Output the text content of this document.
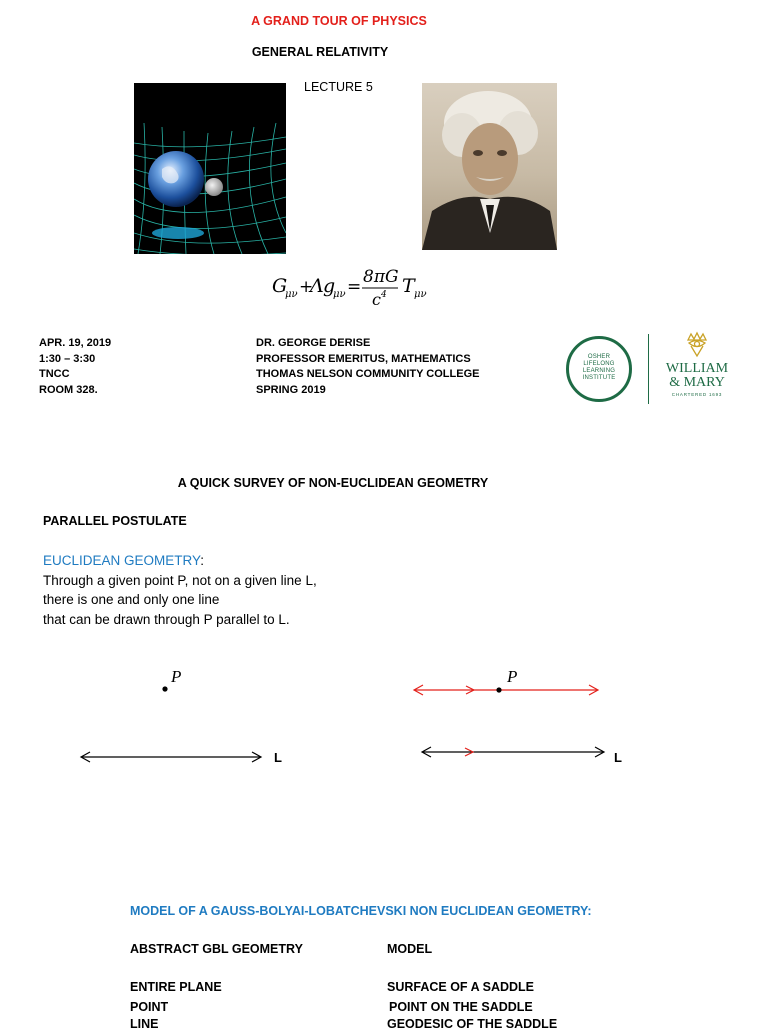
A GRAND TOUR OF PHYSICS
GENERAL RELATIVITY
LECTURE 5
G
μν +
Λ g
μν = 8πG
c 4 T μν
APR. 19, 2019
1:30 – 3:30
TNCC
ROOM 328.
DR. GEORGE DERISE
PROFESSOR EMERITUS, MATHEMATICS
THOMAS NELSON COMMUNITY COLLEGE
SPRING 2019
OSHER
LIFELONG
LEARNING
INSTITUTE
WILLIAM
& MARY
CHARTERED 1693
A QUICK SURVEY OF NON-EUCLIDEAN GEOMETRY
PARALLEL POSTULATE
EUCLIDEAN GEOMETRY:
Through a given point P, not on a given line L,
there is one and only one line
that can be drawn through P parallel to L.
P
L
P
L
MODEL OF A GAUSS-BOLYAI-LOBATCHEVSKI NON EUCLIDEAN GEOMETRY:
ABSTRACT GBL GEOMETRY	MODEL
ENTIRE PLANE	SURFACE OF A SADDLE
POINT	POINT ON THE SADDLE
LINE	GEODESIC OF THE SADDLE
